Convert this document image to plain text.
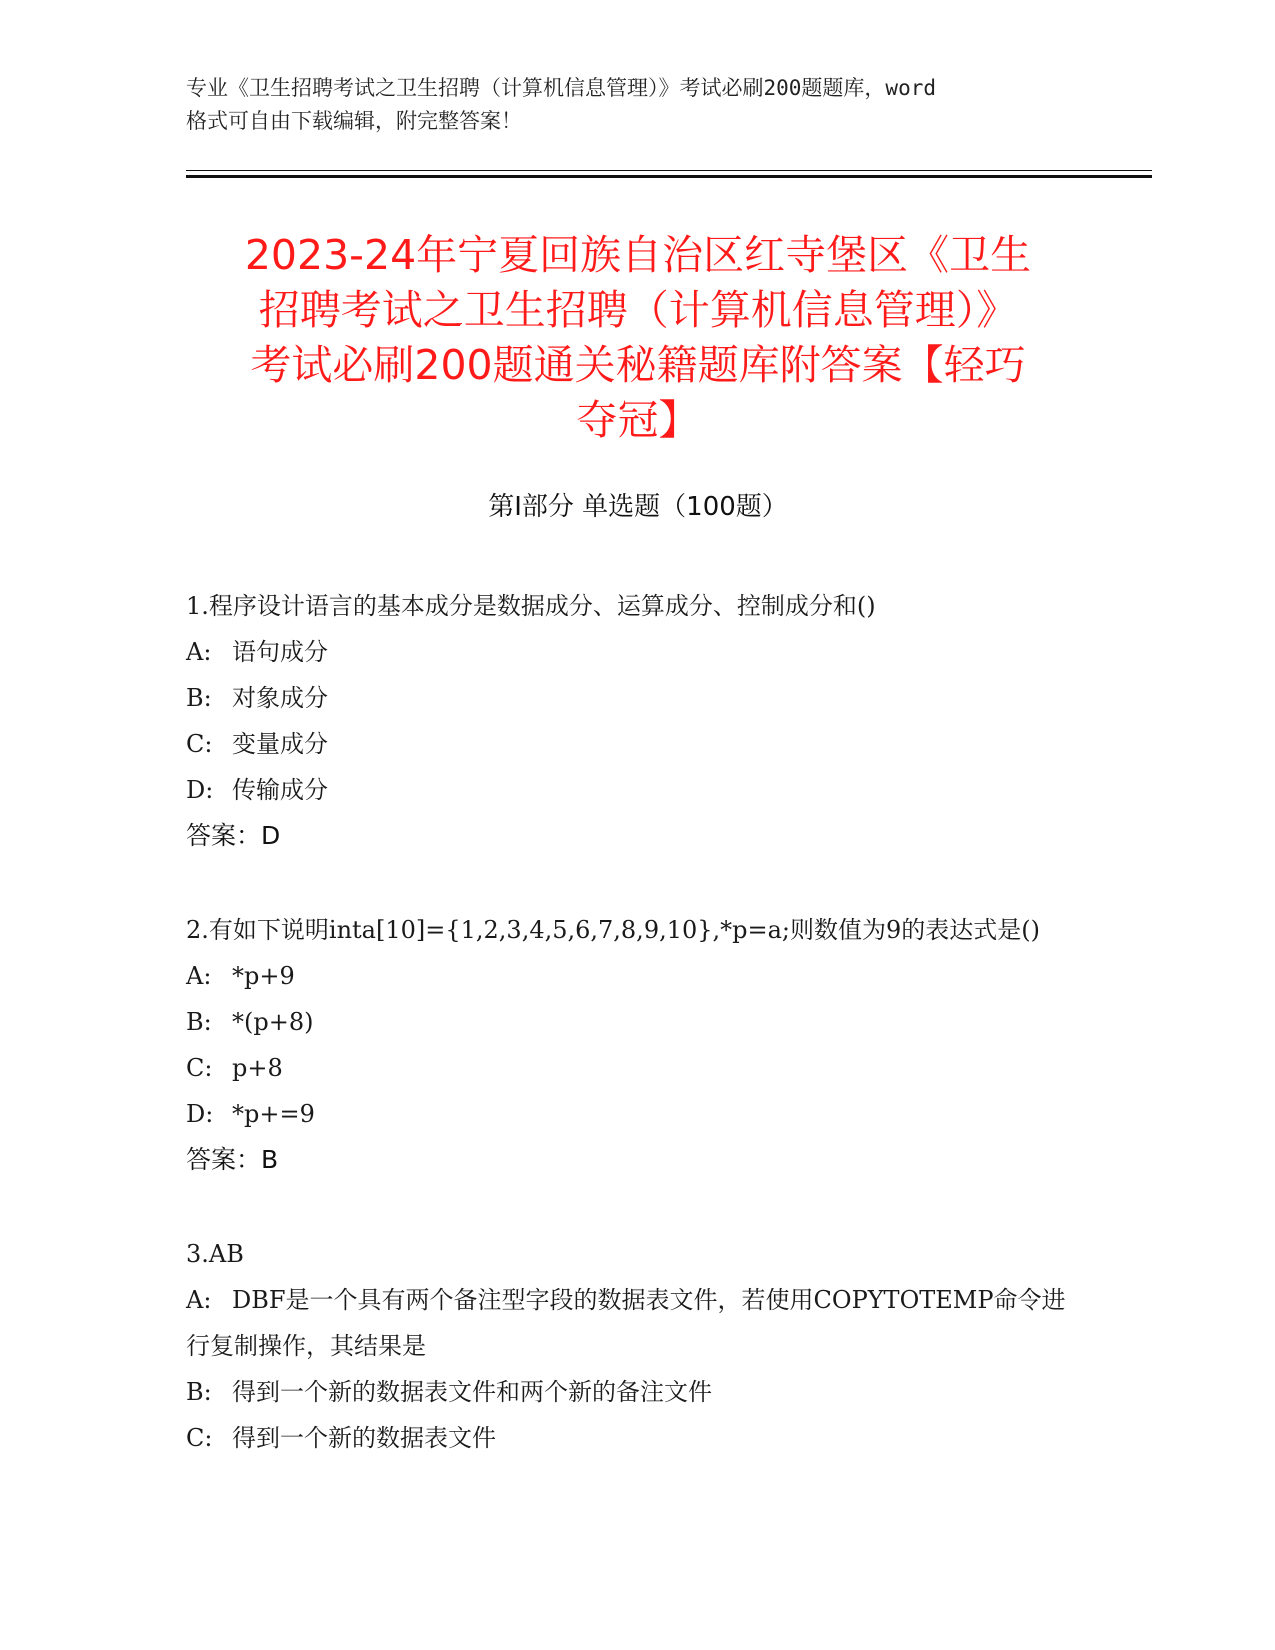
专业《卫生招聘考试之卫生招聘（计算机信息管理）》考试必刷200题题库，word
格式可自由下载编辑，附完整答案！
2023-24年宁夏回族自治区红寺堡区《卫生
招聘考试之卫生招聘（计算机信息管理）》
考试必刷200题通关秘籍题库附答案【轻巧
夺冠】
第Ⅰ部分 单选题（100题）
1.程序设计语言的基本成分是数据成分、运算成分、控制成分和()
A: 语句成分
B: 对象成分
C: 变量成分
D: 传输成分
答案：D
2.有如下说明inta[10]={1,2,3,4,5,6,7,8,9,10},*p=a;则数值为9的表达式是()
A: *p+9
B: *(p+8)
C: p+8
D: *p+=9
答案：B
3.AB
A: DBF是一个具有两个备注型字段的数据表文件，若使用COPYTOTEMP命令进行复制操作，其结果是
B: 得到一个新的数据表文件和两个新的备注文件
C: 得到一个新的数据表文件
